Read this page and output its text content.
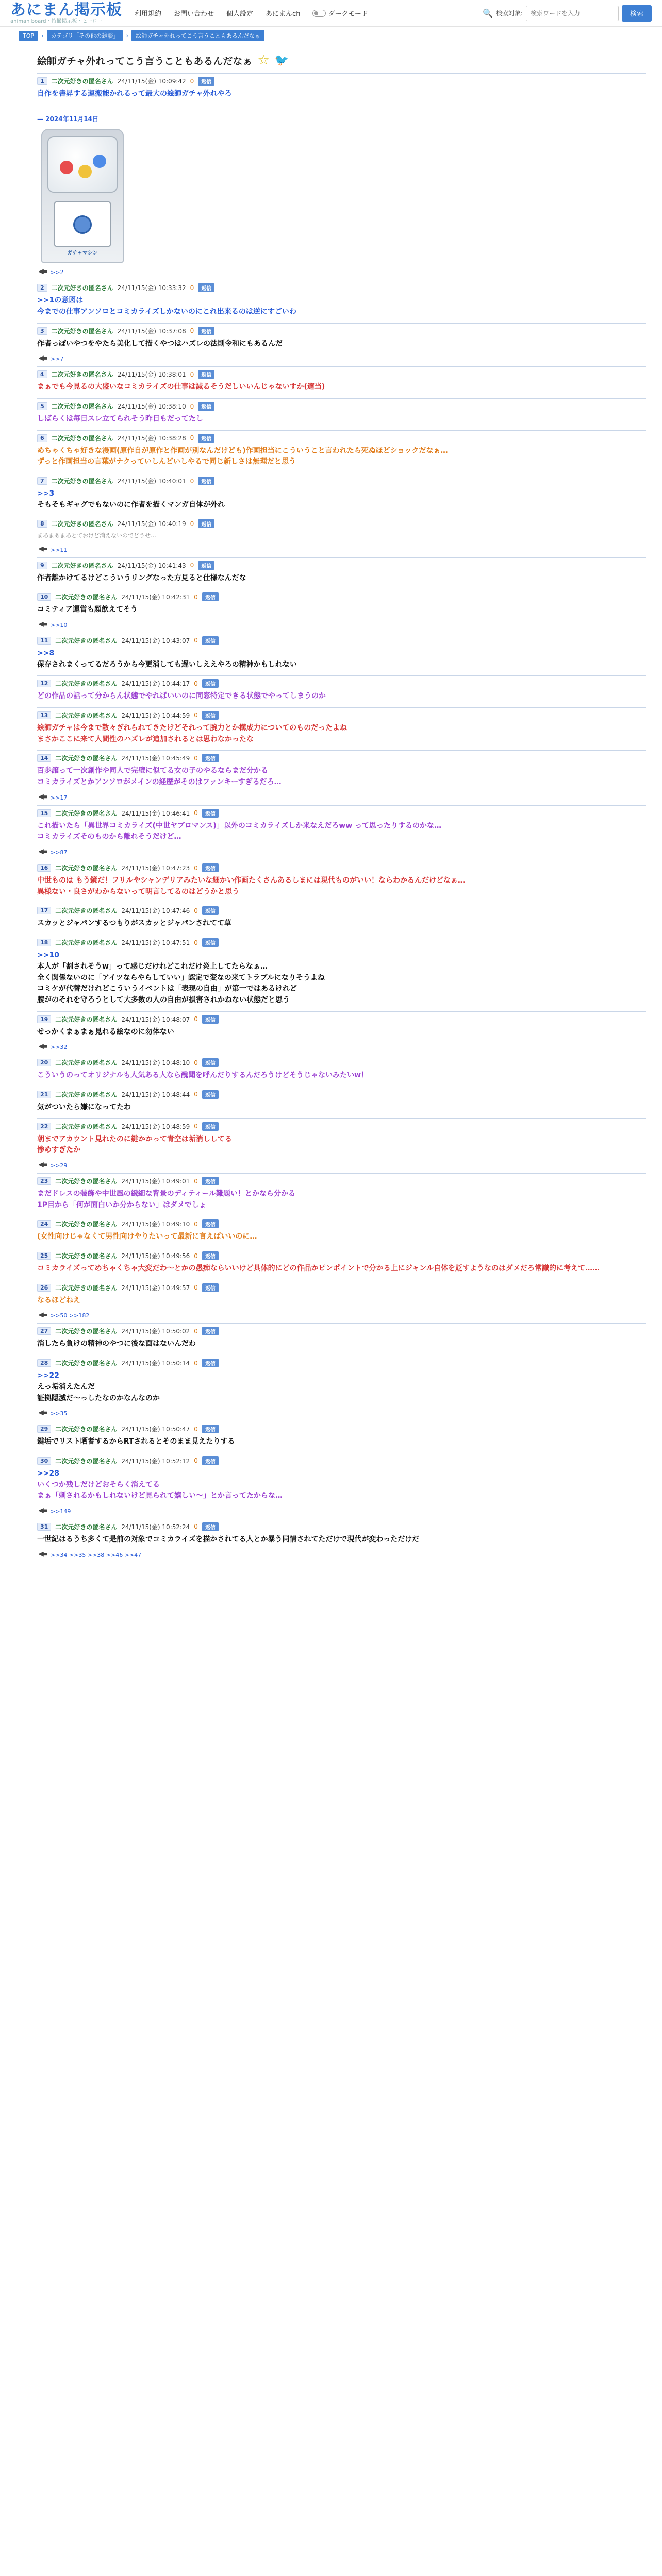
あにまん掲示板
animan board・特撮掲示板・ヒーロー
利用規約 お問い合わせ 個人設定 あにまんch	ダークモード	🔍 検索対象:
検索ワードを入力	検索
TOP	›	カテゴリ「その他の雑談」	›	絵師ガチャ外れってこう言うこともあるんだなぁ
絵師ガチャ外れってこう言うこともあるんだなぁ ☆ 🐦
1	二次元好きの匿名さん 24/11/15(金) 10:09:42 0	返信
自作を書昇する運搬能かれるって最大の絵師ガチャ外れやろ
— 2024年11月14日
ガチャマシン
>>2
2	二次元好きの匿名さん 24/11/15(金) 10:33:32 0	返信
>>1の意図は
今までの仕事アンソロとコミカライズしかないのにこれ出来るのは逆にすごいわ
3	二次元好きの匿名さん 24/11/15(金) 10:37:08 0	返信
作者っぽいやつをやたら美化して描くやつはハズレの法則令和にもあるんだ
>>7
4	二次元好きの匿名さん 24/11/15(金) 10:38:01 0	返信
まぁでも今見るの大盛いなコミカライズの仕事は減るそうだしいいんじゃないすか(適当)
5	二次元好きの匿名さん 24/11/15(金) 10:38:10 0	返信
しばらくは毎日スレ立てられそう昨日もだってたし
6	二次元好きの匿名さん 24/11/15(金) 10:38:28 0	返信
めちゃくちゃ好きな漫画(原作自が原作と作画が別なんだけども)作画担当にこういうこと言われたら死ぬほどショックだなぁ…
ずっと作画担当の言葉がナクっていしんどいしやるで同じ新しさは無理だと思う
7	二次元好きの匿名さん 24/11/15(金) 10:40:01 0	返信
>>3
そもそもギャグでもないのに作者を描くマンガ自体が外れ
8	二次元好きの匿名さん 24/11/15(金) 10:40:19 0	返信
まあまあまあとておけど消えないのでどうせ…
>>11
9	二次元好きの匿名さん 24/11/15(金) 10:41:43 0	返信
作者離かけてるけどこういうリングなった方見ると仕様なんだな
10	二次元好きの匿名さん 24/11/15(金) 10:42:31 0	返信
コミティア運営も顔飲えてそう
>>10
11	二次元好きの匿名さん 24/11/15(金) 10:43:07 0	返信
>>8
保存されまくってるだろうから今更消しても遅いしええやろの精神かもしれない
12	二次元好きの匿名さん 24/11/15(金) 10:44:17 0	返信
どの作品の話って分からん状態でやればいいのに同窓特定できる状態でやってしまうのか
13	二次元好きの匿名さん 24/11/15(金) 10:44:59 0	返信
絵師ガチャは今まで散々ぎれられてきたけどそれって腕力とか構成力についてのものだったよね
まさかここに来て人間性のハズレが追加されるとは思わなかったな
14	二次元好きの匿名さん 24/11/15(金) 10:45:49 0	返信
百歩譲って一次創作や同人で完璧に似てる女の子のやるならまだ分かる
コミカライズとかアンソロがメインの経歴がそのはファンキーすぎるだろ…
>>17
15	二次元好きの匿名さん 24/11/15(金) 10:46:41 0	返信
これ描いたら「異世界コミカライズ(中世ヤブロマンス)」以外のコミカライズしか来なえだろww って思ったりするのかな…
コミカライズそのものから離れそうだけど…
>>87
16	二次元好きの匿名さん 24/11/15(金) 10:47:23 0	返信
中世ものは もう鏡だ！フリルやシャンデリアみたいな細かい作画たくさんあるしまには現代ものがいい！ならわかるんだけどなぁ…
異様ない・良さがわからないって明言してるのはどうかと思う
17	二次元好きの匿名さん 24/11/15(金) 10:47:46 0	返信
スカッとジャパンするつもりがスカッとジャパンされてて草
18	二次元好きの匿名さん 24/11/15(金) 10:47:51 0	返信
>>10
本人が「割されそうw」って感じだけれどこれだけ炎上してたらなぁ…
全く関係ないのに「アイツならやらしていい」認定で変なの来てトラブルになりそうよね
コミケが代替だけれどこういうイベントは「表現の自由」が第一ではあるけれど
腹がのそれを守ろうとして大多数の人の自由が損害されかねない状態だと思う
19	二次元好きの匿名さん 24/11/15(金) 10:48:07 0	返信
せっかくまぁまぁ見れる絵なのに勿体ない
>>32
20	二次元好きの匿名さん 24/11/15(金) 10:48:10 0	返信
こういうのってオリジナルも人気ある人なら醜聞を呼んだりするんだろうけどそうじゃないみたいw！
21	二次元好きの匿名さん 24/11/15(金) 10:48:44 0	返信
気がついたら嫌になってたわ
22	二次元好きの匿名さん 24/11/15(金) 10:48:59 0	返信
朝までアカウント見れたのに鍵かかって青空は垢消ししてる
惨めすぎたか
>>29
23	二次元好きの匿名さん 24/11/15(金) 10:49:01 0	返信
まだドレスの装飾や中世風の繊細な背景のディティール難題い！とかなら分かる
1P目から「何が面白いか分からない」はダメでしょ
24	二次元好きの匿名さん 24/11/15(金) 10:49:10 0	返信
(女性向けじゃなくて男性向けやりたいって最新に言えばいいのに…
25	二次元好きの匿名さん 24/11/15(金) 10:49:56 0	返信
コミカライズってめちゃくちゃ大変だわ〜とかの愚痴ならいいけど具体的にどの作品かピンポイントで分かる上にジャンル自体を貶すようなのはダメだろ常識的に考えて……
26	二次元好きの匿名さん 24/11/15(金) 10:49:57 0	返信
なるほどねえ
>>50 >>182
27	二次元好きの匿名さん 24/11/15(金) 10:50:02 0	返信
消したら負けの精神のやつに後な面はないんだわ
28	二次元好きの匿名さん 24/11/15(金) 10:50:14 0	返信
>>22
えっ垢消えたんだ
証拠隠滅だ〜っしたなのかなんなのか
>>35
29	二次元好きの匿名さん 24/11/15(金) 10:50:47 0	返信
鍵垢でリスト晒者するからRTされるとそのまま見えたりする
30	二次元好きの匿名さん 24/11/15(金) 10:52:12 0	返信
>>28
いくつか残しだけどおそらく消えてる
まぁ「刺されるかもしれないけど見られて嬉しい〜」とか言ってたからな…
>>149
31	二次元好きの匿名さん 24/11/15(金) 10:52:24 0	返信
一世紀はるうち多くて是前の対象でコミカライズを描かされてる人とか暴う同情されてただけで現代が変わっただけだ
>>34 >>35 >>38 >>46 >>47
